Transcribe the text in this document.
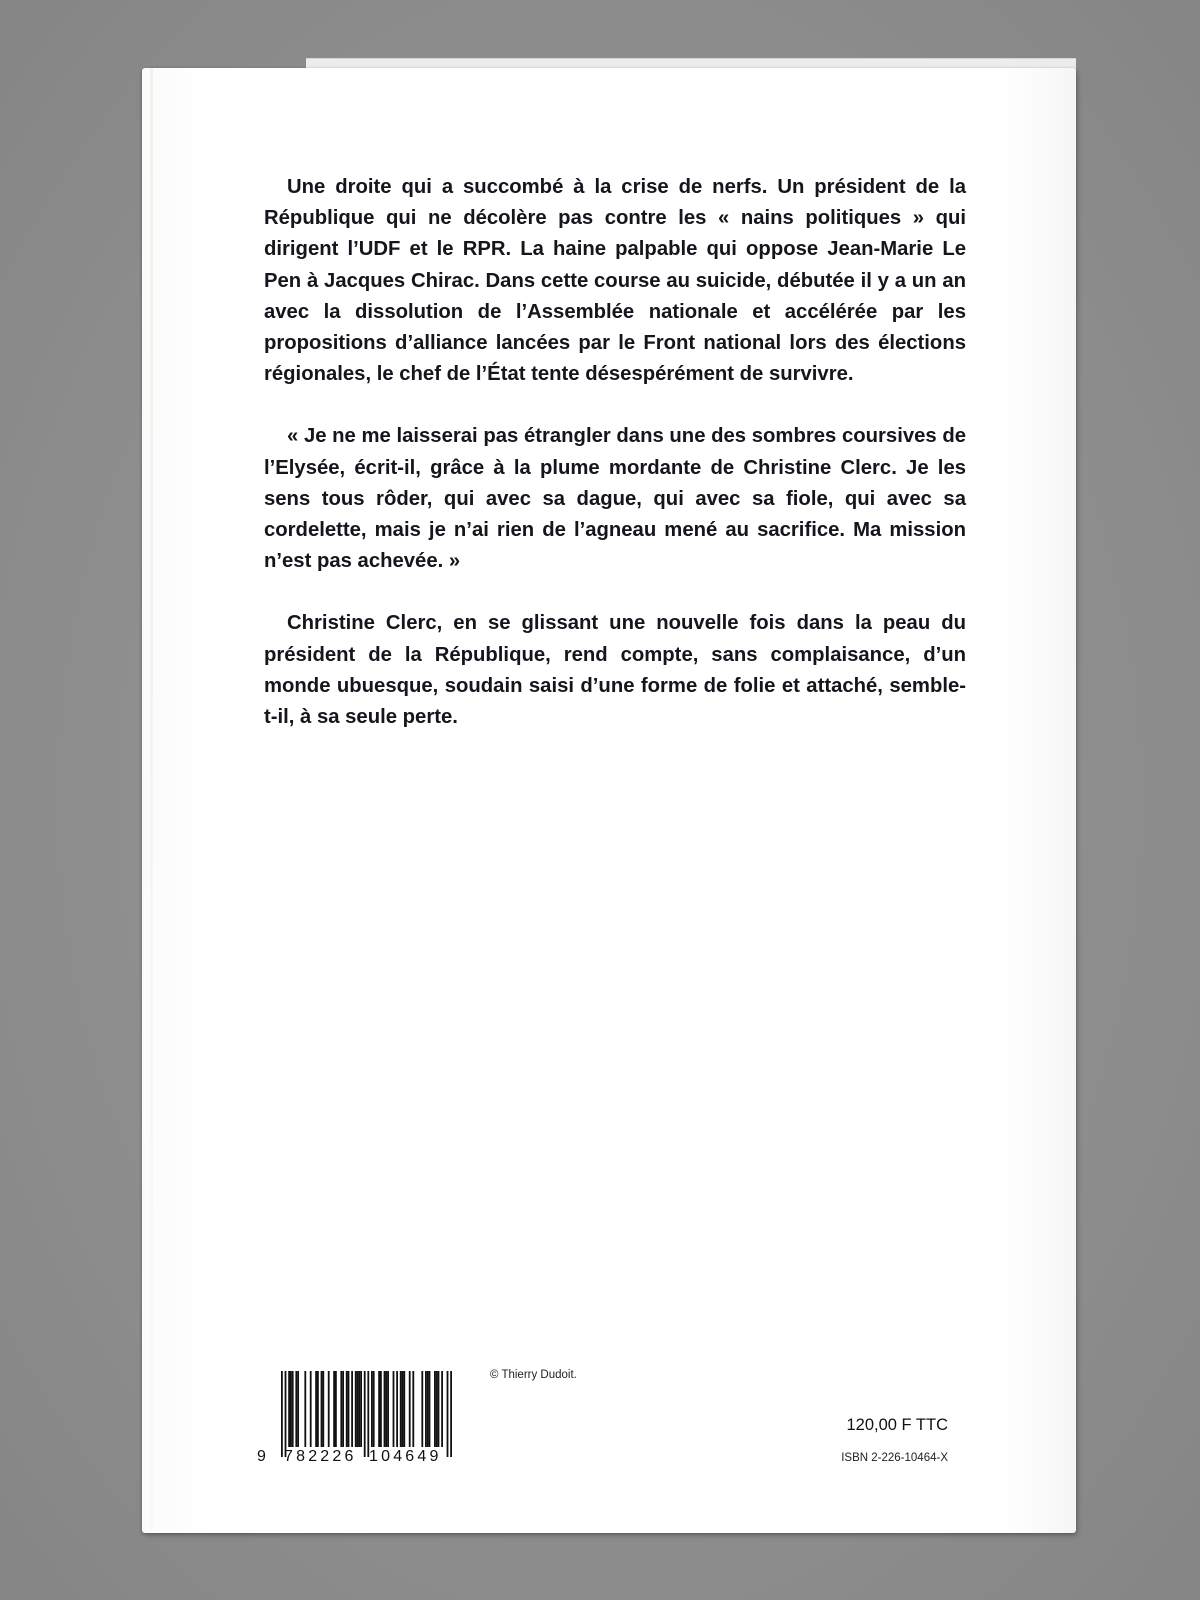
Une droite qui a succombé à la crise de nerfs. Un président de la République qui ne décolère pas contre les « nains politiques » qui dirigent l’UDF et le RPR. La haine palpable qui oppose Jean-Marie Le Pen à Jacques Chirac. Dans cette course au suicide, débutée il y a un an avec la dissolution de l’Assemblée nationale et accélérée par les propositions d’alliance lancées par le Front national lors des élections régionales, le chef de l’État tente désespérément de survivre.

« Je ne me laisserai pas étrangler dans une des sombres coursives de l’Elysée, écrit-il, grâce à la plume mordante de Christine Clerc. Je les sens tous rôder, qui avec sa dague, qui avec sa fiole, qui avec sa cordelette, mais je n’ai rien de l’agneau mené au sacrifice. Ma mission n’est pas achevée. »

Christine Clerc, en se glissant une nouvelle fois dans la peau du président de la République, rend compte, sans complaisance, d’un monde ubuesque, soudain saisi d’une forme de folie et attaché, semble-t-il, à sa seule perte.

9 782226 104649
© Thierry Dudoit.
120,00 F TTC
ISBN 2-226-10464-X
